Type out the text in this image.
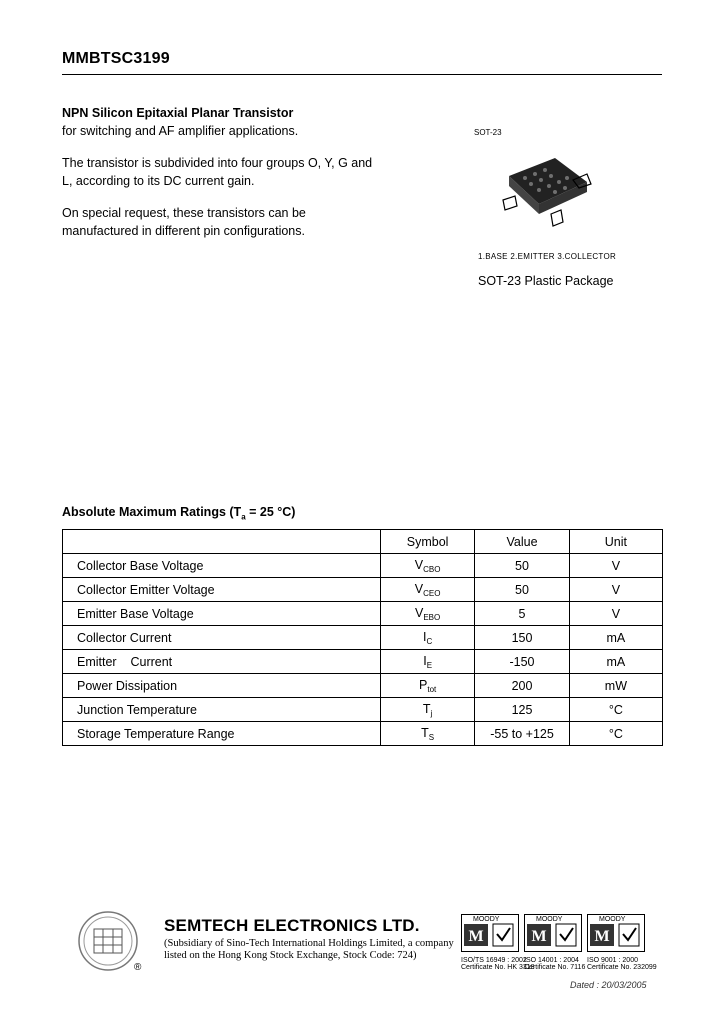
MMBTSC3199
NPN Silicon Epitaxial Planar Transistor
for switching and AF amplifier applications.
The transistor is subdivided into four groups O, Y, G and L, according to its DC current gain.
On special request, these transistors can be manufactured in different pin configurations.
SOT-23
1.BASE 2.EMITTER 3.COLLECTOR
SOT-23 Plastic Package
Absolute Maximum Ratings ($T_a = 25$ °C)
	Symbol	Value	Unit
Collector Base Voltage	$V_{CBO}$	50	V
Collector Emitter Voltage	$V_{CEO}$	50	V
Emitter Base Voltage	$V_{EBO}$	5	V
Collector Current	$I_C$	150	mA
Emitter    Current	$I_E$	-150	mA
Power Dissipation	$P_{tot}$	200	mW
Junction Temperature	$T_j$	125	°C
Storage Temperature Range	$T_S$	-55 to +125	°C
SEMTECH ELECTRONICS LTD.
(Subsidiary of Sino-Tech International Holdings Limited, a company
listed on the Hong Kong Stock Exchange, Stock Code: 724)
®
M
MOODY
ISO/TS 16949 : 2002
Certificate No. HK 3318
M
MOODY
ISO 14001 : 2004
Certificate No. 7116
M
MOODY
ISO 9001 : 2000
Certificate No. 232099
Dated : 20/03/2005
